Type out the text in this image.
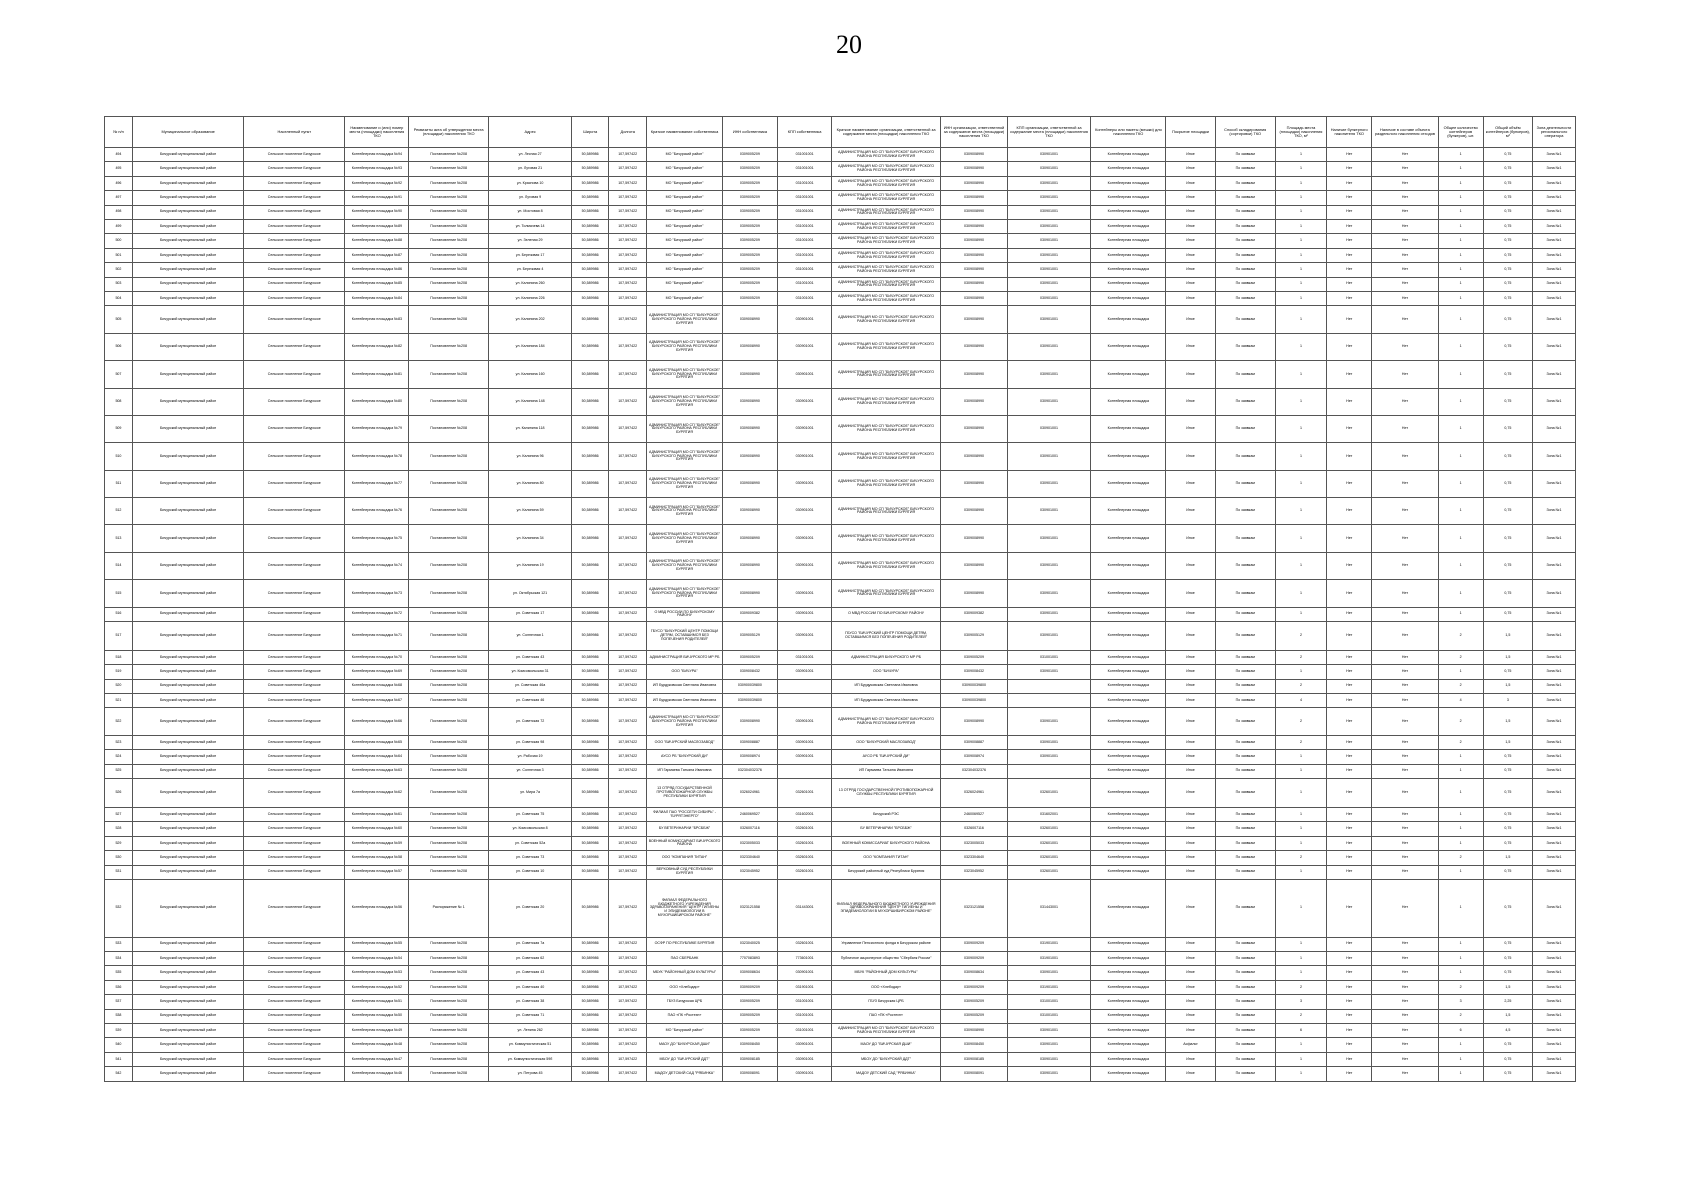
20
№ п/п	Муниципальное образование	Населенный пункт	Наименование и (или) номер места (площадки) накопления ТКО	Реквизиты акта об утверждении места (площадки) накопления ТКО	Адрес	Широта	Долгота	Краткое наименование собственника	ИНН собственника	КПП собственника	Краткое наименование организации, ответственной за содержание места (площадки) накопления ТКО	ИНН организации, ответственной за содержание места (площадки) накопления ТКО	КПП организации, ответственной за содержание места (площадки) накопления ТКО	Контейнеры или пакеты (мешки) для накопления ТКО	Покрытие площадки	Способ складирования (сортировки) ТКО	Площадь места (площадки) накопления ТКО, м²	Наличие бункерного накопителя ТКО	Наличие в составе объекта раздельного накопления отходов	Общее количество контейнеров (бункеров), шт.	Общий объём контейнеров (бункеров), м³	Зона деятельности регионального оператора
494	Бичурский муниципальный район	Сельское поселение Бичурское	Контейнерная площадка №94	Постановление №208	ул. Лесная 27	50,589986	107,597422	МО "Бичурский район"	0309005209	031001001	АДМИНИСТРАЦИЯ МО СП "БИЧУРСКОЕ" БИЧУРСКОГО РАЙОНА РЕСПУБЛИКИ БУРЯТИЯ	0309008990	030901001	Контейнерная площадка	Иное	По заявкам	1	Нет	Нет	1	0,75	Зона №1
495	Бичурский муниципальный район	Сельское поселение Бичурское	Контейнерная площадка №93	Постановление №208	ул. Луговая 21	50,589986	107,597422	МО "Бичурский район"	0309005209	031001001	АДМИНИСТРАЦИЯ МО СП "БИЧУРСКОЕ" БИЧУРСКОГО РАЙОНА РЕСПУБЛИКИ БУРЯТИЯ	0309008990	030901001	Контейнерная площадка	Иное	По заявкам	1	Нет	Нет	1	0,75	Зона №1
496	Бичурский муниципальный район	Сельское поселение Бичурское	Контейнерная площадка №92	Постановление №208	ул. Краснова 10	50,589986	107,597422	МО "Бичурский район"	0309005209	031001001	АДМИНИСТРАЦИЯ МО СП "БИЧУРСКОЕ" БИЧУРСКОГО РАЙОНА РЕСПУБЛИКИ БУРЯТИЯ	0309008990	030901001	Контейнерная площадка	Иное	По заявкам	1	Нет	Нет	1	0,75	Зона №1
497	Бичурский муниципальный район	Сельское поселение Бичурское	Контейнерная площадка №91	Постановление №208	ул. Луговая 9	50,589986	107,597422	МО "Бичурский район"	0309005209	031001001	АДМИНИСТРАЦИЯ МО СП "БИЧУРСКОЕ" БИЧУРСКОГО РАЙОНА РЕСПУБЛИКИ БУРЯТИЯ	0309008990	030901001	Контейнерная площадка	Иное	По заявкам	1	Нет	Нет	1	0,75	Зона №1
498	Бичурский муниципальный район	Сельское поселение Бичурское	Контейнерная площадка №90	Постановление №208	ул. Мостовая 8	50,589986	107,597422	МО "Бичурский район"	0309005209	031001001	АДМИНИСТРАЦИЯ МО СП "БИЧУРСКОЕ" БИЧУРСКОГО РАЙОНА РЕСПУБЛИКИ БУРЯТИЯ	0309008990	030901001	Контейнерная площадка	Иное	По заявкам	1	Нет	Нет	1	0,75	Зона №1
499	Бичурский муниципальный район	Сельское поселение Бичурское	Контейнерная площадка №89	Постановление №208	ул. Толмачева 14	50,589986	107,597422	МО "Бичурский район"	0309005209	031001001	АДМИНИСТРАЦИЯ МО СП "БИЧУРСКОЕ" БИЧУРСКОГО РАЙОНА РЕСПУБЛИКИ БУРЯТИЯ	0309008990	030901001	Контейнерная площадка	Иное	По заявкам	1	Нет	Нет	1	0,75	Зона №1
500	Бичурский муниципальный район	Сельское поселение Бичурское	Контейнерная площадка №88	Постановление №208	ул. Зеленая 29	50,589986	107,597422	МО "Бичурский район"	0309005209	031001001	АДМИНИСТРАЦИЯ МО СП "БИЧУРСКОЕ" БИЧУРСКОГО РАЙОНА РЕСПУБЛИКИ БУРЯТИЯ	0309008990	030901001	Контейнерная площадка	Иное	По заявкам	1	Нет	Нет	1	0,75	Зона №1
501	Бичурский муниципальный район	Сельское поселение Бичурское	Контейнерная площадка №87	Постановление №208	ул. Березовая 17	50,589986	107,597422	МО "Бичурский район"	0309005209	031001001	АДМИНИСТРАЦИЯ МО СП "БИЧУРСКОЕ" БИЧУРСКОГО РАЙОНА РЕСПУБЛИКИ БУРЯТИЯ	0309008990	030901001	Контейнерная площадка	Иное	По заявкам	1	Нет	Нет	1	0,75	Зона №1
502	Бичурский муниципальный район	Сельское поселение Бичурское	Контейнерная площадка №86	Постановление №208	ул. Березовая 4	50,589986	107,597422	МО "Бичурский район"	0309005209	031001001	АДМИНИСТРАЦИЯ МО СП "БИЧУРСКОЕ" БИЧУРСКОГО РАЙОНА РЕСПУБЛИКИ БУРЯТИЯ	0309008990	030901001	Контейнерная площадка	Иное	По заявкам	1	Нет	Нет	1	0,75	Зона №1
503	Бичурский муниципальный район	Сельское поселение Бичурское	Контейнерная площадка №85	Постановление №208	ул. Калинина 260	50,589986	107,597422	МО "Бичурский район"	0309005209	031001001	АДМИНИСТРАЦИЯ МО СП "БИЧУРСКОЕ" БИЧУРСКОГО РАЙОНА РЕСПУБЛИКИ БУРЯТИЯ	0309008990	030901001	Контейнерная площадка	Иное	По заявкам	1	Нет	Нет	1	0,75	Зона №1
504	Бичурский муниципальный район	Сельское поселение Бичурское	Контейнерная площадка №84	Постановление №208	ул. Калинина 226	50,589986	107,597422	МО "Бичурский район"	0309005209	031001001	АДМИНИСТРАЦИЯ МО СП "БИЧУРСКОЕ" БИЧУРСКОГО РАЙОНА РЕСПУБЛИКИ БУРЯТИЯ	0309008990	030901001	Контейнерная площадка	Иное	По заявкам	1	Нет	Нет	1	0,75	Зона №1
505	Бичурский муниципальный район	Сельское поселение Бичурское	Контейнерная площадка №83	Постановление №208	ул. Калинина 202	50,589986	107,597422	АДМИНИСТРАЦИЯ МО СП "БИЧУРСКОЕ" БИЧУРСКОГО РАЙОНА РЕСПУБЛИКИ БУРЯТИЯ	0309008990	030901001	АДМИНИСТРАЦИЯ МО СП "БИЧУРСКОЕ" БИЧУРСКОГО РАЙОНА РЕСПУБЛИКИ БУРЯТИЯ	0309008990	030901001	Контейнерная площадка	Иное	По заявкам	1	Нет	Нет	1	0,75	Зона №1
506	Бичурский муниципальный район	Сельское поселение Бичурское	Контейнерная площадка №82	Постановление №208	ул. Калинина 184	50,589986	107,597422	АДМИНИСТРАЦИЯ МО СП "БИЧУРСКОЕ" БИЧУРСКОГО РАЙОНА РЕСПУБЛИКИ БУРЯТИЯ	0309008990	030901001	АДМИНИСТРАЦИЯ МО СП "БИЧУРСКОЕ" БИЧУРСКОГО РАЙОНА РЕСПУБЛИКИ БУРЯТИЯ	0309008990	030901001	Контейнерная площадка	Иное	По заявкам	1	Нет	Нет	1	0,75	Зона №1
507	Бичурский муниципальный район	Сельское поселение Бичурское	Контейнерная площадка №81	Постановление №208	ул. Калинина 160	50,589986	107,597422	АДМИНИСТРАЦИЯ МО СП "БИЧУРСКОЕ" БИЧУРСКОГО РАЙОНА РЕСПУБЛИКИ БУРЯТИЯ	0309008990	030901001	АДМИНИСТРАЦИЯ МО СП "БИЧУРСКОЕ" БИЧУРСКОГО РАЙОНА РЕСПУБЛИКИ БУРЯТИЯ	0309008990	030901001	Контейнерная площадка	Иное	По заявкам	1	Нет	Нет	1	0,75	Зона №1
508	Бичурский муниципальный район	Сельское поселение Бичурское	Контейнерная площадка №80	Постановление №208	ул. Калинина 148	50,589986	107,597422	АДМИНИСТРАЦИЯ МО СП "БИЧУРСКОЕ" БИЧУРСКОГО РАЙОНА РЕСПУБЛИКИ БУРЯТИЯ	0309008990	030901001	АДМИНИСТРАЦИЯ МО СП "БИЧУРСКОЕ" БИЧУРСКОГО РАЙОНА РЕСПУБЛИКИ БУРЯТИЯ	0309008990	030901001	Контейнерная площадка	Иное	По заявкам	1	Нет	Нет	1	0,75	Зона №1
509	Бичурский муниципальный район	Сельское поселение Бичурское	Контейнерная площадка №79	Постановление №208	ул. Калинина 118	50,589986	107,597422	АДМИНИСТРАЦИЯ МО СП "БИЧУРСКОЕ" БИЧУРСКОГО РАЙОНА РЕСПУБЛИКИ БУРЯТИЯ	0309008990	030901001	АДМИНИСТРАЦИЯ МО СП "БИЧУРСКОЕ" БИЧУРСКОГО РАЙОНА РЕСПУБЛИКИ БУРЯТИЯ	0309008990	030901001	Контейнерная площадка	Иное	По заявкам	1	Нет	Нет	1	0,75	Зона №1
510	Бичурский муниципальный район	Сельское поселение Бичурское	Контейнерная площадка №78	Постановление №208	ул. Калинина 96	50,589986	107,597422	АДМИНИСТРАЦИЯ МО СП "БИЧУРСКОЕ" БИЧУРСКОГО РАЙОНА РЕСПУБЛИКИ БУРЯТИЯ	0309008990	030901001	АДМИНИСТРАЦИЯ МО СП "БИЧУРСКОЕ" БИЧУРСКОГО РАЙОНА РЕСПУБЛИКИ БУРЯТИЯ	0309008990	030901001	Контейнерная площадка	Иное	По заявкам	1	Нет	Нет	1	0,75	Зона №1
511	Бичурский муниципальный район	Сельское поселение Бичурское	Контейнерная площадка №77	Постановление №208	ул. Калинина 80	50,589986	107,597422	АДМИНИСТРАЦИЯ МО СП "БИЧУРСКОЕ" БИЧУРСКОГО РАЙОНА РЕСПУБЛИКИ БУРЯТИЯ	0309008990	030901001	АДМИНИСТРАЦИЯ МО СП "БИЧУРСКОЕ" БИЧУРСКОГО РАЙОНА РЕСПУБЛИКИ БУРЯТИЯ	0309008990	030901001	Контейнерная площадка	Иное	По заявкам	1	Нет	Нет	1	0,75	Зона №1
512	Бичурский муниципальный район	Сельское поселение Бичурское	Контейнерная площадка №76	Постановление №208	ул. Калинина 59	50,589986	107,597422	АДМИНИСТРАЦИЯ МО СП "БИЧУРСКОЕ" БИЧУРСКОГО РАЙОНА РЕСПУБЛИКИ БУРЯТИЯ	0309008990	030901001	АДМИНИСТРАЦИЯ МО СП "БИЧУРСКОЕ" БИЧУРСКОГО РАЙОНА РЕСПУБЛИКИ БУРЯТИЯ	0309008990	030901001	Контейнерная площадка	Иное	По заявкам	1	Нет	Нет	1	0,75	Зона №1
513	Бичурский муниципальный район	Сельское поселение Бичурское	Контейнерная площадка №75	Постановление №208	ул. Калинина 34	50,589986	107,597422	АДМИНИСТРАЦИЯ МО СП "БИЧУРСКОЕ" БИЧУРСКОГО РАЙОНА РЕСПУБЛИКИ БУРЯТИЯ	0309008990	030901001	АДМИНИСТРАЦИЯ МО СП "БИЧУРСКОЕ" БИЧУРСКОГО РАЙОНА РЕСПУБЛИКИ БУРЯТИЯ	0309008990	030901001	Контейнерная площадка	Иное	По заявкам	1	Нет	Нет	1	0,75	Зона №1
514	Бичурский муниципальный район	Сельское поселение Бичурское	Контейнерная площадка №74	Постановление №208	ул. Калинина 19	50,589986	107,597422	АДМИНИСТРАЦИЯ МО СП "БИЧУРСКОЕ" БИЧУРСКОГО РАЙОНА РЕСПУБЛИКИ БУРЯТИЯ	0309008990	030901001	АДМИНИСТРАЦИЯ МО СП "БИЧУРСКОЕ" БИЧУРСКОГО РАЙОНА РЕСПУБЛИКИ БУРЯТИЯ	0309008990	030901001	Контейнерная площадка	Иное	По заявкам	1	Нет	Нет	1	0,75	Зона №1
515	Бичурский муниципальный район	Сельское поселение Бичурское	Контейнерная площадка №73	Постановление №208	ул. Октябрьская 121	50,589986	107,597422	АДМИНИСТРАЦИЯ МО СП "БИЧУРСКОЕ" БИЧУРСКОГО РАЙОНА РЕСПУБЛИКИ БУРЯТИЯ	0309008990	030901001	АДМИНИСТРАЦИЯ МО СП "БИЧУРСКОЕ" БИЧУРСКОГО РАЙОНА РЕСПУБЛИКИ БУРЯТИЯ	0309008990	030901001	Контейнерная площадка	Иное	По заявкам	1	Нет	Нет	1	0,75	Зона №1
516	Бичурский муниципальный район	Сельское поселение Бичурское	Контейнерная площадка №72	Постановление №208	ул. Советская 17	50,589986	107,597422	О МВД РОССИИ ПО БИЧУРСКОМУ РАЙОНУ	0309009382	030901001	О МВД РОССИИ ПО БИЧУРСКОМУ РАЙОНУ	0309009382	030901001	Контейнерная площадка	Иное	По заявкам	1	Нет	Нет	1	0,75	Зона №1
517	Бичурский муниципальный район	Сельское поселение Бичурское	Контейнерная площадка №71	Постановление №208	ул. Солнечная 1	50,589986	107,597422	ГБУСО "БИЧУРСКИЙ ЦЕНТР ПОМОЩИ ДЕТЯМ, ОСТАВШИМСЯ БЕЗ ПОПЕЧЕНИЯ РОДИТЕЛЕЙ"	0309005129	030901001	ГБУСО "БИЧУРСКИЙ ЦЕНТР ПОМОЩИ ДЕТЯМ, ОСТАВШИМСЯ БЕЗ ПОПЕЧЕНИЯ РОДИТЕЛЕЙ"	0309005129	030901001	Контейнерная площадка	Иное	По заявкам	2	Нет	Нет	2	1,5	Зона №1
518	Бичурский муниципальный район	Сельское поселение Бичурское	Контейнерная площадка №70	Постановление №208	ул. Советская 43	50,589986	107,597422	АДМИНИСТРАЦИЯ БИЧУРСКОГО МР РБ	0309005209	031001001	АДМИНИСТРАЦИЯ БИЧУРСКОГО МР РБ	0309005209	031001001	Контейнерная площадка	Иное	По заявкам	2	Нет	Нет	2	1,5	Зона №1
519	Бичурский муниципальный район	Сельское поселение Бичурское	Контейнерная площадка №69	Постановление №208	ул. Комсомольская 31	50,589986	107,597422	ООО "БИЧУРА"	0309008432	030901001	ООО "БИЧУРА"	0309008432	030901001	Контейнерная площадка	Иное	По заявкам	1	Нет	Нет	1	0,75	Зона №1
520	Бичурский муниципальный район	Сельское поселение Бичурское	Контейнерная площадка №68	Постановление №208	ул. Советская 46а	50,589986	107,597422	ИП Бурдуковская Светлана Ивановна	030900039800		ИП Бурдуковская Светлана Ивановна	030900039800		Контейнерная площадка	Иное	По заявкам	2	Нет	Нет	2	1,5	Зона №1
521	Бичурский муниципальный район	Сельское поселение Бичурское	Контейнерная площадка №67	Постановление №208	ул. Советская 46	50,589986	107,597422	ИП Бурдуковская Светлана Ивановна	030900039800		ИП Бурдуковская Светлана Ивановна	030900039800		Контейнерная площадка	Иное	По заявкам	4	Нет	Нет	4	3	Зона №1
522	Бичурский муниципальный район	Сельское поселение Бичурское	Контейнерная площадка №66	Постановление №208	ул. Советская 72	50,589986	107,597422	АДМИНИСТРАЦИЯ МО СП "БИЧУРСКОЕ" БИЧУРСКОГО РАЙОНА РЕСПУБЛИКИ БУРЯТИЯ	0309008990	030901001	АДМИНИСТРАЦИЯ МО СП "БИЧУРСКОЕ" БИЧУРСКОГО РАЙОНА РЕСПУБЛИКИ БУРЯТИЯ	0309008990	030901001	Контейнерная площадка	Иное	По заявкам	2	Нет	Нет	2	1,5	Зона №1
523	Бичурский муниципальный район	Сельское поселение Бичурское	Контейнерная площадка №65	Постановление №208	ул. Советская 98	50,589986	107,597422	ООО "БИЧУРСКИЙ МАСЛОЗАВОД"	0309008887	030901001	ООО "БИЧУРСКИЙ МАСЛОЗАВОД"	0309008887	030901001	Контейнерная площадка	Иное	По заявкам	2	Нет	Нет	2	1,5	Зона №1
524	Бичурский муниципальный район	Сельское поселение Бичурское	Контейнерная площадка №64	Постановление №208	ул. Рабочая 19	50,589986	107,597422	АУСО РБ "БИЧУРСКИЙ ДИ"	0309008974	030901001	АУСО РБ "БИЧУРСКИЙ ДИ"	0309008974	030901001	Контейнерная площадка	Иное	По заявкам	1	Нет	Нет	1	0,75	Зона №1
525	Бичурский муниципальный район	Сельское поселение Бичурское	Контейнерная площадка №63	Постановление №208	ул. Солнечная 3	50,589986	107,597422	ИП Гармаева Татьяна Ивановна	032304032376		ИП Гармаева Татьяна Ивановна	032304032376		Контейнерная площадка	Иное	По заявкам	1	Нет	Нет	1	0,75	Зона №1
526	Бичурский муниципальный район	Сельское поселение Бичурское	Контейнерная площадка №62	Постановление №208	ул. Мира 7а	50,589986	107,597422	13 ОТРЯД ГОСУДАРСТВЕННОЙ ПРОТИВОПОЖАРНОЙ СЛУЖБЫ РЕСПУБЛИКИ БУРЯТИЯ	0326024961	032601001	13 ОТРЯД ГОСУДАРСТВЕННОЙ ПРОТИВОПОЖАРНОЙ СЛУЖБЫ РЕСПУБЛИКИ БУРЯТИЯ	0326024961	032601001	Контейнерная площадка	Иное	По заявкам	1	Нет	Нет	1	0,75	Зона №1
527	Бичурский муниципальный район	Сельское поселение Бичурское	Контейнерная площадка №61	Постановление №208	ул. Советская 75	50,589986	107,597422	ФИЛИАЛ ПАО "РОССЕТИ СИБИРЬ" - "БУРЯТЭНЕРГО"	2460069527	031602001	Бичурский РЭС	2460069527	031602001	Контейнерная площадка	Иное	По заявкам	1	Нет	Нет	1	0,75	Зона №1
528	Бичурский муниципальный район	Сельское поселение Бичурское	Контейнерная площадка №60	Постановление №208	ул. Комсомольская 8	50,589986	107,597422	БУ ВЕТЕРИНАРИИ "БРСББЖ"	0326007116	032601001	БУ ВЕТЕРИНАРИИ "БРСББЖ"	0326007116	032601001	Контейнерная площадка	Иное	По заявкам	1	Нет	Нет	1	0,75	Зона №1
529	Бичурский муниципальный район	Сельское поселение Бичурское	Контейнерная площадка №59	Постановление №208	ул. Советская 52а	50,589986	107,597422	ВОЕННЫЙ КОМИССАРИАТ БИЧУРСКОГО РАЙОНА	0323005033	032601001	ВОЕННЫЙ КОМИССАРИАТ БИЧУРСКОГО РАЙОНА	0323005033	032601001	Контейнерная площадка	Иное	По заявкам	1	Нет	Нет	1	0,75	Зона №1
530	Бичурский муниципальный район	Сельское поселение Бичурское	Контейнерная площадка №58	Постановление №208	ул. Советская 73	50,589986	107,597422	ООО "КОМПАНИЯ ТИТАН"	0323304640	032601001	ООО "КОМПАНИЯ ТИТАН"	0323304640	032601001	Контейнерная площадка	Иное	По заявкам	2	Нет	Нет	2	1,5	Зона №1
531	Бичурский муниципальный район	Сельское поселение Бичурское	Контейнерная площадка №57	Постановление №208	ул. Советская 10	50,589986	107,597422	ВЕРХОВНЫЙ СУД РЕСПУБЛИКИ БУРЯТИЯ	0323045952	032601001	Бичурский районный суд Республики Бурятия	0323045952	032601001	Контейнерная площадка	Иное	По заявкам	1	Нет	Нет	1	0,75	Зона №1
532	Бичурский муниципальный район	Сельское поселение Бичурское	Контейнерная площадка №56	Распоряжение № 1	ул. Советская 20	50,589986	107,597422	ФИЛИАЛ ФЕДЕРАЛЬНОГО БЮДЖЕТНОГО УЧРЕЖДЕНИЯ ЗДРАВООХРАНЕНИЯ "ЦЕНТР ГИГИЕНЫ И ЭПИДЕМИОЛОГИИ В МУХОРШИБИРСКОМ РАЙОНЕ"	0323121558	031443001	ФИЛИАЛ ФЕДЕРАЛЬНОГО БЮДЖЕТНОГО УЧРЕЖДЕНИЯ ЗДРАВООХРАНЕНИЯ "ЦЕНТР ГИГИЕНЫ И ЭПИДЕМИОЛОГИИ В МУХОРШИБИРСКОМ РАЙОНЕ"	0323121558	031443001	Контейнерная площадка	Иное	По заявкам	1	Нет	Нет	1	0,75	Зона №1
533	Бичурский муниципальный район	Сельское поселение Бичурское	Контейнерная площадка №55	Постановление №208	ул. Советская 7а	50,589986	107,597422	ОСФР ПО РЕСПУБЛИКЕ БУРЯТИЯ	0323040025	032601001	Управление Пенсионного фонда в Бичурском районе	0309009209	031901001	Контейнерная площадка	Иное	По заявкам	1	Нет	Нет	1	0,75	Зона №1
534	Бичурский муниципальный район	Сельское поселение Бичурское	Контейнерная площадка №54	Постановление №208	ул. Советская 62	50,589986	107,597422	ПАО СБЕРБАНК	7707083893	773601001	Публичное акционерное общество "Сбербанк России"	0309009209	031901001	Контейнерная площадка	Иное	По заявкам	1	Нет	Нет	1	0,75	Зона №1
535	Бичурский муниципальный район	Сельское поселение Бичурское	Контейнерная площадка №53	Постановление №208	ул. Советская 43	50,589986	107,597422	МБУК "РАЙОННЫЙ ДОМ КУЛЬТУРЫ"	0309008634	030901001	МБУК "РАЙОННЫЙ ДОМ КУЛЬТУРЫ"	0309008634	030901001	Контейнерная площадка	Иное	По заявкам	1	Нет	Нет	1	0,75	Зона №1
536	Бичурский муниципальный район	Сельское поселение Бичурское	Контейнерная площадка №52	Постановление №208	ул. Советская 40	50,589986	107,597422	ООО «Хлебодар»	0309009209	031901001	ООО «Хлебодар»	0309009209	031901001	Контейнерная площадка	Иное	По заявкам	2	Нет	Нет	2	1,5	Зона №1
537	Бичурский муниципальный район	Сельское поселение Бичурское	Контейнерная площадка №51	Постановление №208	ул. Советская 38	50,589986	107,597422	ГБУЗ Бичурская ЦРБ	0309005209	031001001	ГБУЗ Бичурская ЦРБ	0309005209	031001001	Контейнерная площадка	Иное	По заявкам	3	Нет	Нет	3	2,25	Зона №1
538	Бичурский муниципальный район	Сельское поселение Бичурское	Контейнерная площадка №50	Постановление №208	ул. Советская 71	50,589986	107,597422	ПАО «ПК «Ростехн»	0309005209	031001001	ПАО «ПК «Ростехн»	0309005209	031001001	Контейнерная площадка	Иное	По заявкам	2	Нет	Нет	2	1,5	Зона №1
539	Бичурский муниципальный район	Сельское поселение Бичурское	Контейнерная площадка №49	Постановление №208	ул. Ленина 262	50,589986	107,597422	МО "Бичурский район"	0309005209	031001001	АДМИНИСТРАЦИЯ МО СП "БИЧУРСКОЕ" БИЧУРСКОГО РАЙОНА РЕСПУБЛИКИ БУРЯТИЯ	0309008990	030901001	Контейнерная площадка	Иное	По заявкам	6	Нет	Нет	6	4,5	Зона №1
540	Бичурский муниципальный район	Сельское поселение Бичурское	Контейнерная площадка №48	Постановление №208	ул. Коммунистическая 51	50,589986	107,597422	МАОУ ДО "БИЧУРСКАЯ ДШИ"	0309008450	030901001	МАОУ ДО "БИЧУРСКАЯ ДШИ"	0309008450	030901001	Контейнерная площадка	Асфальт	По заявкам	1	Нет	Нет	1	0,75	Зона №1
541	Бичурский муниципальный район	Сельское поселение Бичурское	Контейнерная площадка №47	Постановление №208	ул. Коммунистическая 59б	50,589986	107,597422	МБОУ ДО "БИЧУРСКИЙ ДДТ"	0309008185	030901001	МБОУ ДО "БИЧУРСКИЙ ДДТ"	0309008185	030901001	Контейнерная площадка	Иное	По заявкам	1	Нет	Нет	1	0,75	Зона №1
542	Бичурский муниципальный район	Сельское поселение Бичурское	Контейнерная площадка №46	Постановление №208	ул. Петрова 45	50,589986	107,597422	МАДОУ ДЕТСКИЙ САД "РЯБИНКА"	0309008091	030901001	МАДОУ ДЕТСКИЙ САД "РЯБИНКА"	0309008091	030901001	Контейнерная площадка	Иное	По заявкам	1	Нет	Нет	1	0,75	Зона №1
